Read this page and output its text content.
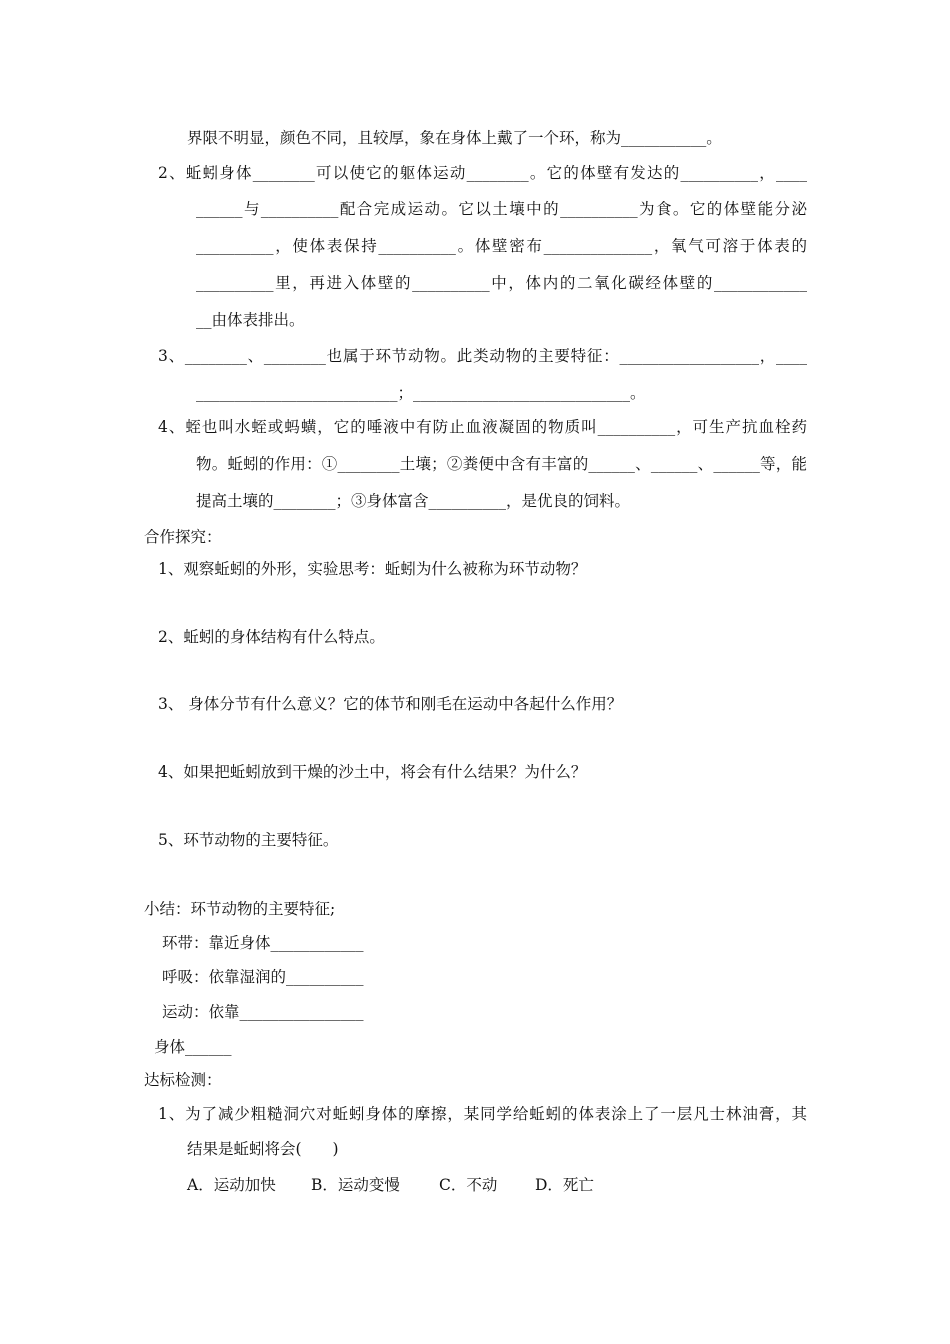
界限不明显，颜色不同，且较厚，象在身体上戴了一个环，称为___________。

2、蚯蚓身体________可以使它的躯体运动________。它的体壁有发达的__________，____

______与__________配合完成运动。它以土壤中的__________为食。它的体壁能分泌

__________，使体表保持__________。体壁密布______________，氧气可溶于体表的

__________里，再进入体壁的__________中，体内的二氧化碳经体壁的____________

__由体表排出。

3、________、________也属于环节动物。此类动物的主要特征：__________________，____

__________________________；____________________________。

4、蛭也叫水蛭或蚂蟥，它的唾液中有防止血液凝固的物质叫__________，可生产抗血栓药

物。蚯蚓的作用：①________土壤；②粪便中含有丰富的______、______、______等，能

提高土壤的________；③身体富含__________，是优良的饲料。

合作探究：

1、观察蚯蚓的外形，实验思考：蚯蚓为什么被称为环节动物？

2、蚯蚓的身体结构有什么特点。

3、 身体分节有什么意义？它的体节和刚毛在运动中各起什么作用？

4、如果把蚯蚓放到干燥的沙土中，将会有什么结果？为什么？

5、环节动物的主要特征。

小结：环节动物的主要特征;

环带：靠近身体____________

呼吸：依靠湿润的__________

运动：依靠________________

身体______

达标检测：

1、为了减少粗糙洞穴对蚯蚓身体的摩擦，某同学给蚯蚓的体表涂上了一层凡士林油膏，其

结果是蚯蚓将会(　　)

A．运动加快 B．运动变慢	C．不动 D．死亡
